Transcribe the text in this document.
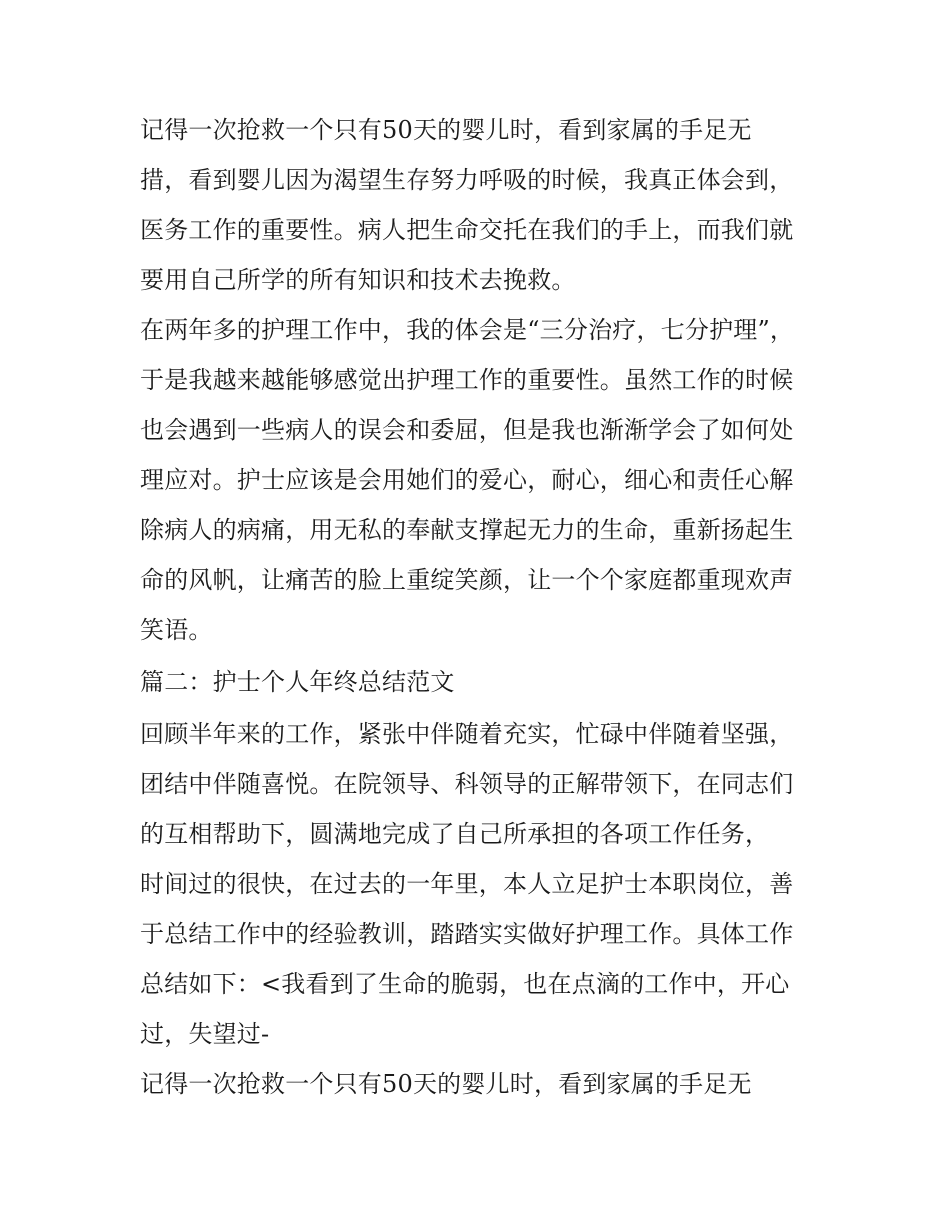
记得一次抢救一个只有50天的婴儿时，看到家属的手足无
措，看到婴儿因为渴望生存努力呼吸的时候，我真正体会到，
医务工作的重要性。病人把生命交托在我们的手上，而我们就
要用自己所学的所有知识和技术去挽救。
在两年多的护理工作中，我的体会是“三分治疗，七分护理”，
于是我越来越能够感觉出护理工作的重要性。虽然工作的时候
也会遇到一些病人的误会和委屈，但是我也渐渐学会了如何处
理应对。护士应该是会用她们的爱心，耐心，细心和责任心解
除病人的病痛，用无私的奉献支撑起无力的生命，重新扬起生
命的风帆，让痛苦的脸上重绽笑颜，让一个个家庭都重现欢声
笑语。
篇二：护士个人年终总结范文
回顾半年来的工作，紧张中伴随着充实，忙碌中伴随着坚强，
团结中伴随喜悦。在院领导、科领导的正解带领下，在同志们
的互相帮助下，圆满地完成了自己所承担的各项工作任务，
时间过的很快，在过去的一年里，本人立足护士本职岗位，善
于总结工作中的经验教训，踏踏实实做好护理工作。具体工作
总结如下：<我看到了生命的脆弱，也在点滴的工作中，开心
过，失望过-
记得一次抢救一个只有50天的婴儿时，看到家属的手足无
